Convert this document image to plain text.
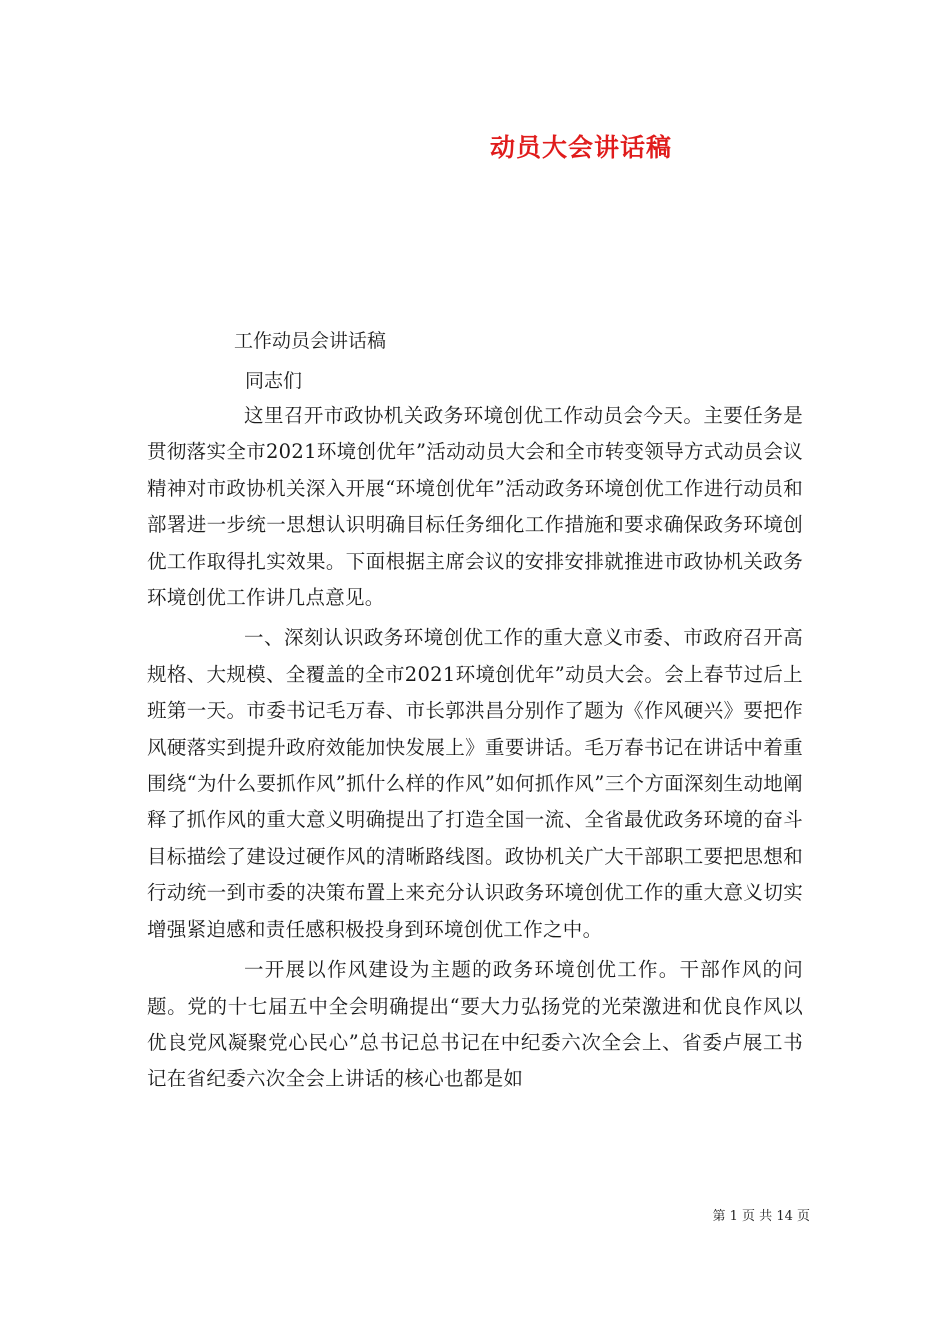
动员大会讲话稿
工作动员会讲话稿
同志们

这里召开市政协机关政务环境创优工作动员会今天。主要任务是贯彻落实全市2021环境创优年”活动动员大会和全市转变领导方式动员会议精神对市政协机关深入开展“环境创优年”活动政务环境创优工作进行动员和部署进一步统一思想认识明确目标任务细化工作措施和要求确保政务环境创优工作取得扎实效果。下面根据主席会议的安排安排就推进市政协机关政务环境创优工作讲几点意见。

一、深刻认识政务环境创优工作的重大意义市委、市政府召开高规格、大规模、全覆盖的全市2021环境创优年”动员大会。会上春节过后上班第一天。市委书记毛万春、市长郭洪昌分别作了题为《作风硬兴》要把作风硬落实到提升政府效能加快发展上》重要讲话。毛万春书记在讲话中着重围绕“为什么要抓作风”抓什么样的作风”如何抓作风”三个方面深刻生动地阐释了抓作风的重大意义明确提出了打造全国一流、全省最优政务环境的奋斗目标描绘了建设过硬作风的清晰路线图。政协机关广大干部职工要把思想和行动统一到市委的决策布置上来充分认识政务环境创优工作的重大意义切实增强紧迫感和责任感积极投身到环境创优工作之中。

一开展以作风建设为主题的政务环境创优工作。干部作风的问题。党的十七届五中全会明确提出“要大力弘扬党的光荣激进和优良作风以优良党风凝聚党心民心”总书记总书记在中纪委六次全会上、省委卢展工书记在省纪委六次全会上讲话的核心也都是如

第 1 页 共 14 页
